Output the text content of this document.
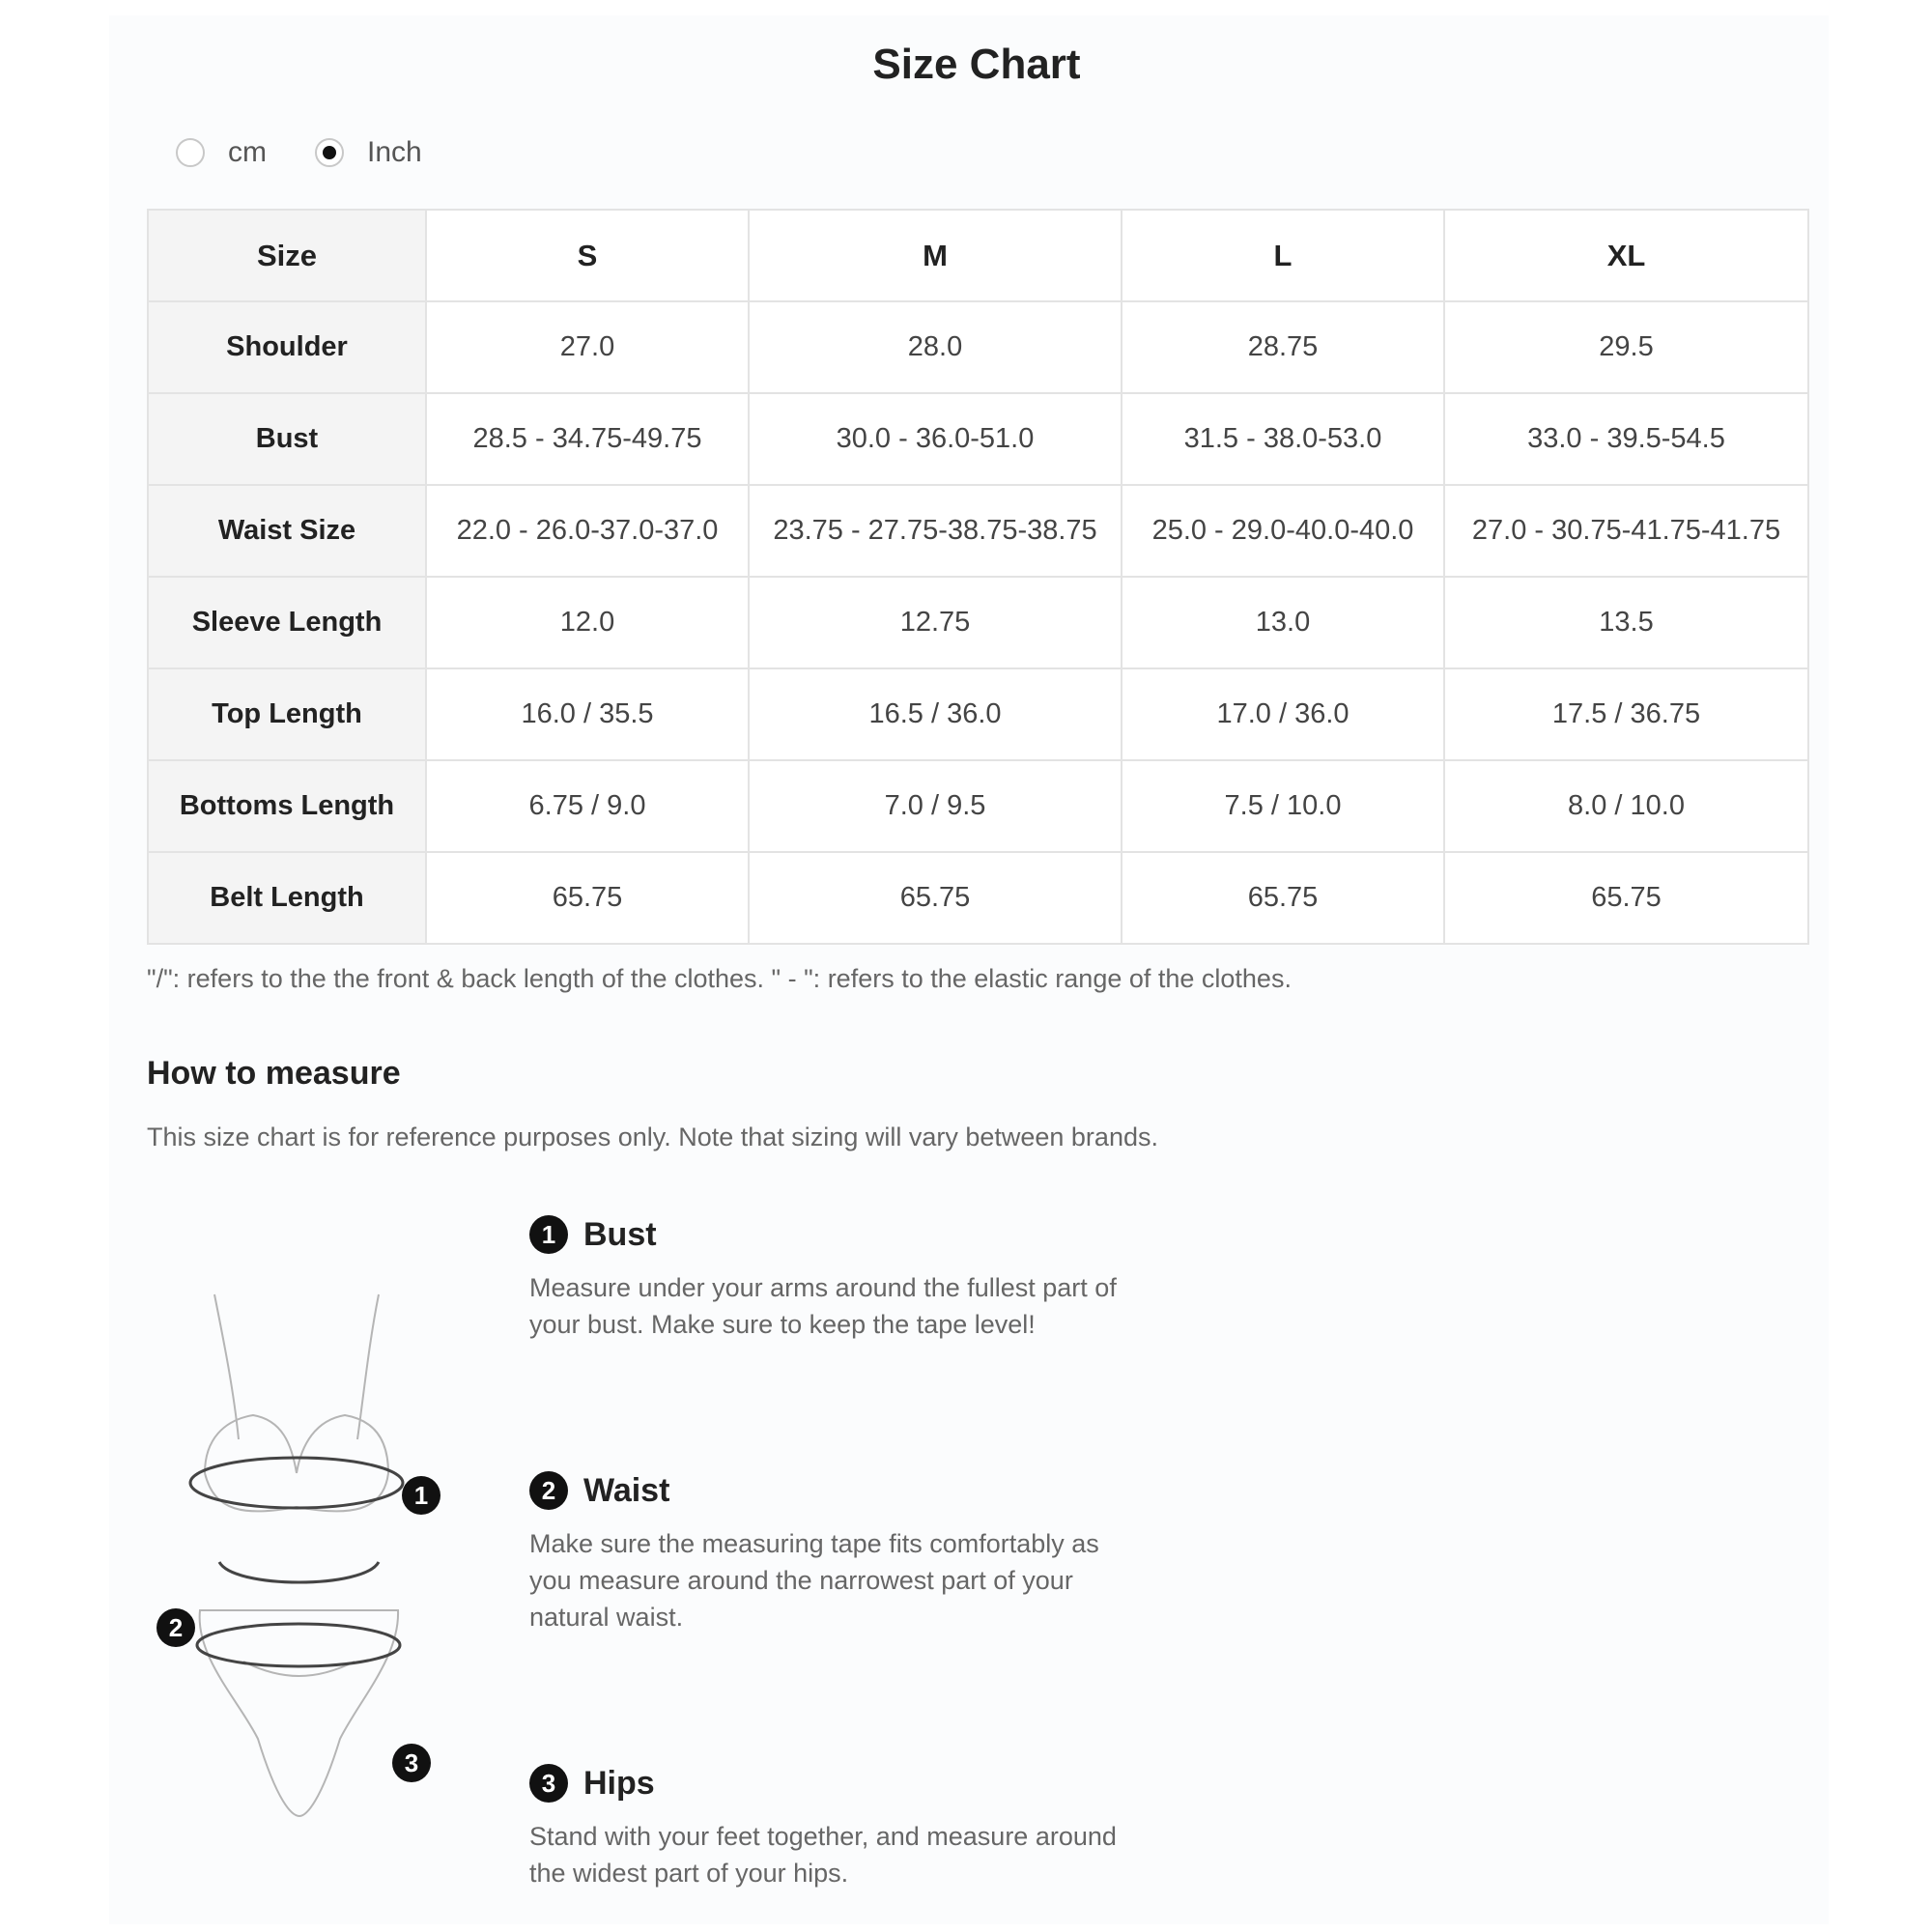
Size Chart
cm	Inch
Size	S	M	L	XL
Shoulder	27.0	28.0	28.75	29.5
Bust	28.5 - 34.75-49.75	30.0 - 36.0-51.0	31.5 - 38.0-53.0	33.0 - 39.5-54.5
Waist Size	22.0 - 26.0-37.0-37.0	23.75 - 27.75-38.75-38.75	25.0 - 29.0-40.0-40.0	27.0 - 30.75-41.75-41.75
Sleeve Length	12.0	12.75	13.0	13.5
Top Length	16.0 / 35.5	16.5 / 36.0	17.0 / 36.0	17.5 / 36.75
Bottoms Length	6.75 / 9.0	7.0 / 9.5	7.5 / 10.0	8.0 / 10.0
Belt Length	65.75	65.75	65.75	65.75
"/": refers to the the front & back length of the clothes. " - ": refers to the elastic range of the clothes.
How to measure
This size chart is for reference purposes only. Note that sizing will vary between brands.
1
2
3
1 Bust
Measure under your arms around the fullest part of your bust. Make sure to keep the tape level!
2 Waist
Make sure the measuring tape fits comfortably as you measure around the narrowest part of your natural waist.
3 Hips
Stand with your feet together, and measure around the widest part of your hips.
